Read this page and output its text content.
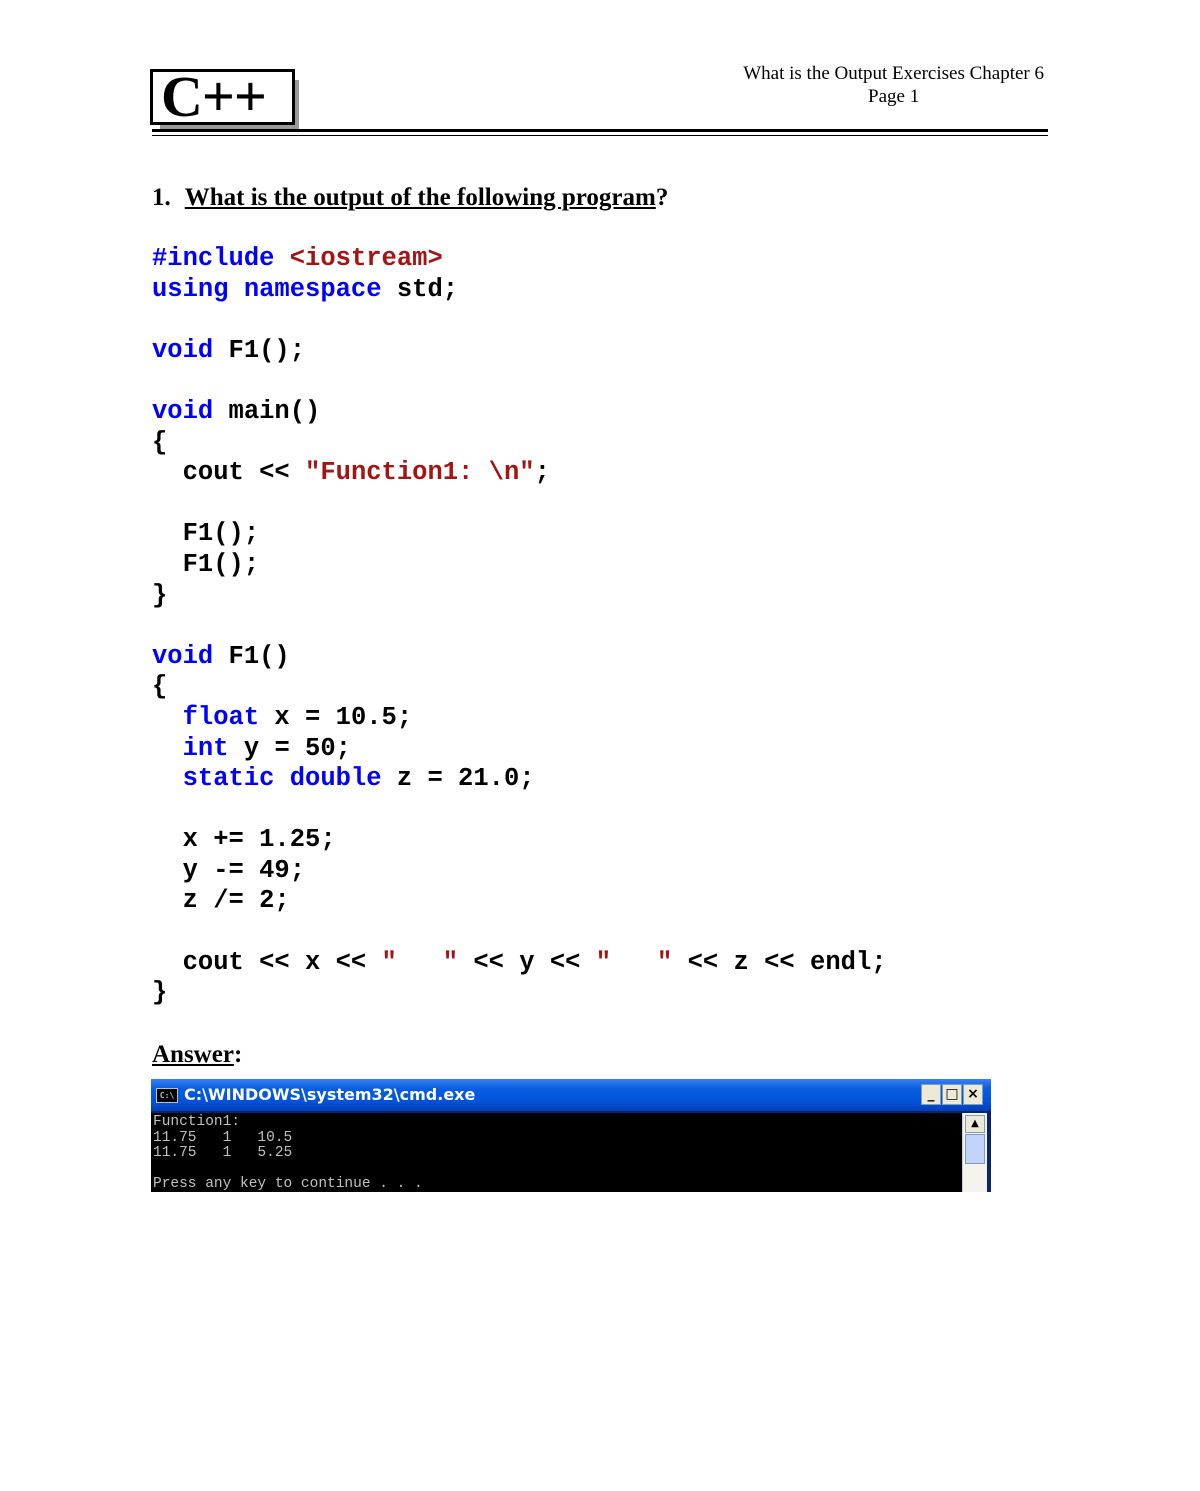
C++	What is the Output Exercises Chapter 6
Page 1
1. What is the output of the following program?
#include <iostream>
using namespace std;

void F1();

void main()
{
cout << "Function1: \n";

F1();
F1();
}

void F1()
{
float x = 10.5;
int y = 50;
static double z = 21.0;

x += 1.25;
y -= 49;
z /= 2;

cout << x << "   " << y << "   " << z << endl;
}
Answer:
C:\ C:\WINDOWS\system32\cmd.exe	_ □ ×
Function1:
11.75   1   10.5
11.75   1   5.25

Press any key to continue . . .
▲
